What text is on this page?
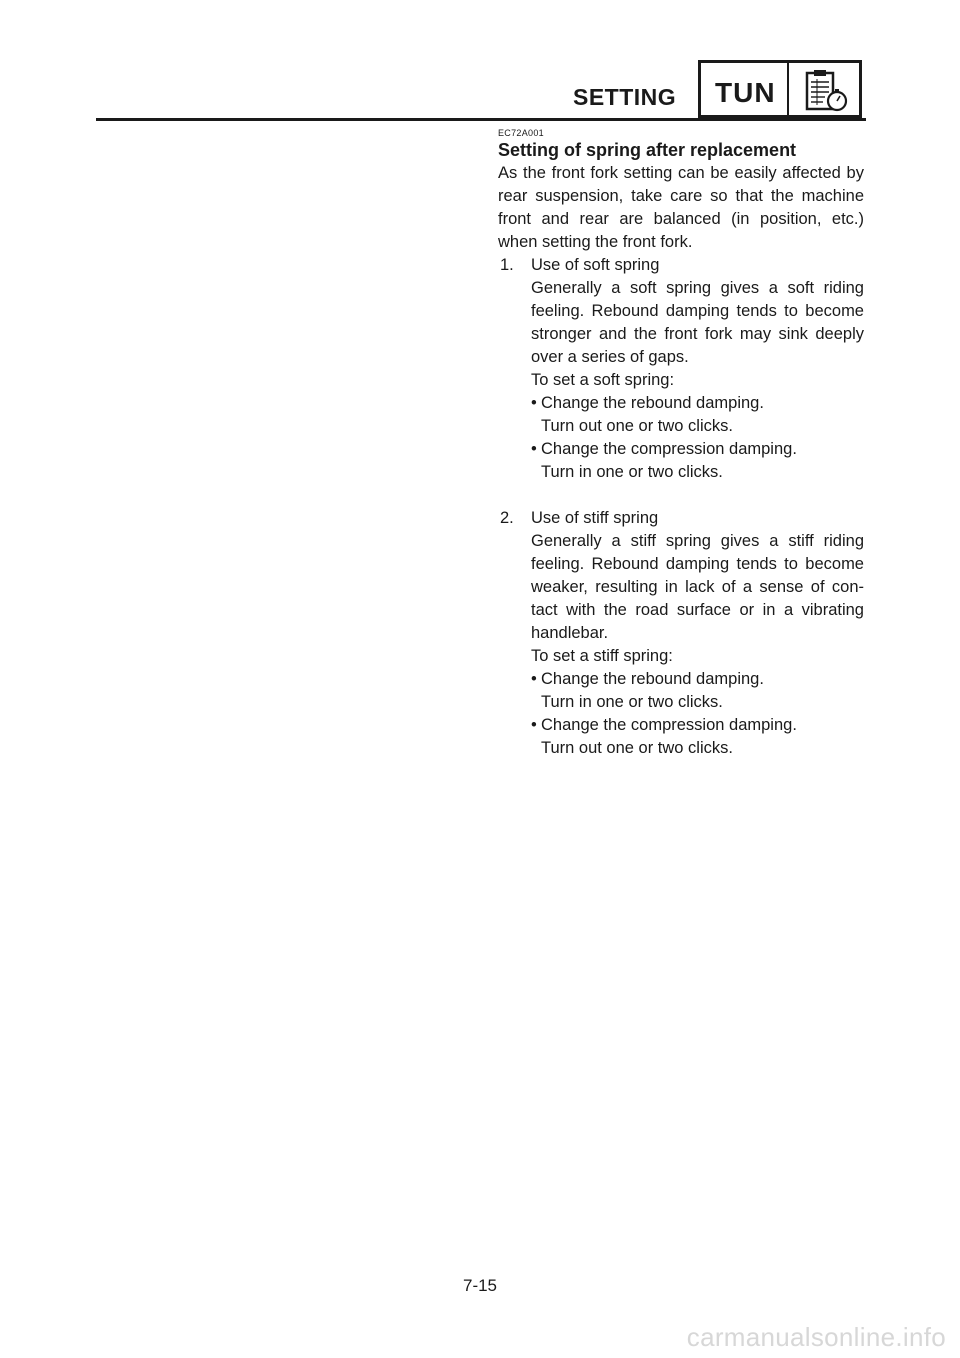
SETTING TUN
EC72A001
Setting of spring after replacement

As the front fork setting can be easily affected by rear suspension, take care so that the machine front and rear are balanced (in position, etc.) when setting the front fork.

1. Use of soft spring
Generally a soft spring gives a soft riding feeling. Rebound damping tends to become stronger and the front fork may sink deeply over a series of gaps.
To set a soft spring:
• Change the rebound damping.
Turn out one or two clicks.
• Change the compression damping.
Turn in one or two clicks.
2. Use of stiff spring
Generally a stiff spring gives a stiff riding feeling. Rebound damping tends to become weaker, resulting in lack of a sense of con-tact with the road surface or in a vibrating handlebar.
To set a stiff spring:
• Change the rebound damping.
Turn in one or two clicks.
• Change the compression damping.
Turn out one or two clicks.
7-15
carmanualsonline.info
